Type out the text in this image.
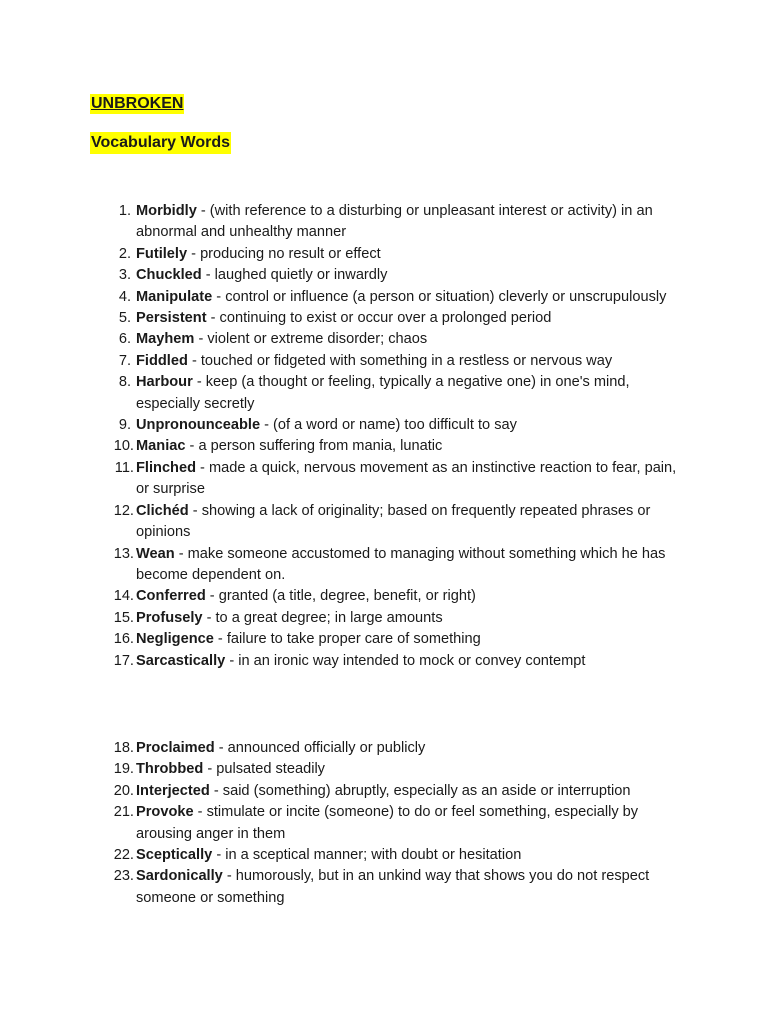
UNBROKEN
Vocabulary Words
1. Morbidly - (with reference to a disturbing or unpleasant interest or activity) in an abnormal and unhealthy manner
2. Futilely - producing no result or effect
3. Chuckled - laughed quietly or inwardly
4. Manipulate - control or influence (a person or situation) cleverly or unscrupulously
5. Persistent - continuing to exist or occur over a prolonged period
6. Mayhem - violent or extreme disorder; chaos
7. Fiddled - touched or fidgeted with something in a restless or nervous way
8. Harbour - keep (a thought or feeling, typically a negative one) in one's mind, especially secretly
9. Unpronounceable - (of a word or name) too difficult to say
10. Maniac - a person suffering from mania, lunatic
11. Flinched - made a quick, nervous movement as an instinctive reaction to fear, pain, or surprise
12. Clichéd - showing a lack of originality; based on frequently repeated phrases or opinions
13. Wean - make someone accustomed to managing without something which he has become dependent on.
14. Conferred - granted (a title, degree, benefit, or right)
15. Profusely - to a great degree; in large amounts
16. Negligence - failure to take proper care of something
17. Sarcastically - in an ironic way intended to mock or convey contempt
18. Proclaimed - announced officially or publicly
19. Throbbed - pulsated steadily
20. Interjected - said (something) abruptly, especially as an aside or interruption
21. Provoke - stimulate or incite (someone) to do or feel something, especially by arousing anger in them
22. Sceptically - in a sceptical manner; with doubt or hesitation
23. Sardonically - humorously, but in an unkind way that shows you do not respect someone or something
